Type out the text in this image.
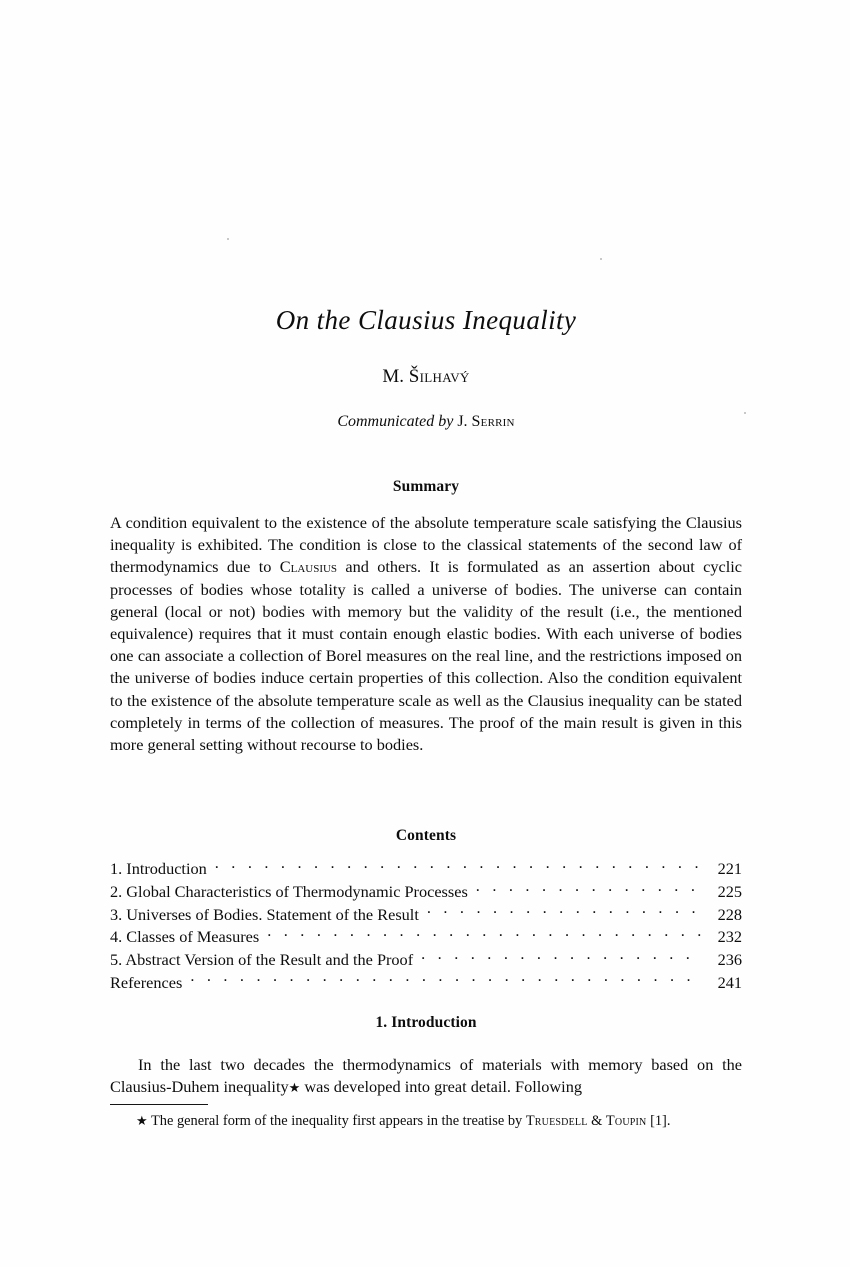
On the Clausius Inequality
M. Šilhavý
Communicated by J. Serrin
Summary
A condition equivalent to the existence of the absolute temperature scale satisfying the Clausius inequality is exhibited. The condition is close to the classical statements of the second law of thermodynamics due to Clausius and others. It is formulated as an assertion about cyclic processes of bodies whose totality is called a universe of bodies. The universe can contain general (local or not) bodies with memory but the validity of the result (i.e., the mentioned equivalence) requires that it must contain enough elastic bodies. With each universe of bodies one can associate a collection of Borel measures on the real line, and the restrictions imposed on the universe of bodies induce certain properties of this collection. Also the condition equivalent to the existence of the absolute temperature scale as well as the Clausius inequality can be stated completely in terms of the collection of measures. The proof of the main result is given in this more general setting without recourse to bodies.
Contents
1. Introduction . . .	221
2. Global Characteristics of Thermodynamic Processes . . .	225
3. Universes of Bodies. Statement of the Result . . .	228
4. Classes of Measures . . .	232
5. Abstract Version of the Result and the Proof . . .	236
References . . .	241
1. Introduction
In the last two decades the thermodynamics of materials with memory based on the Clausius-Duhem inequality★ was developed into great detail. Following
★ The general form of the inequality first appears in the treatise by Truesdell & Toupin [1].
